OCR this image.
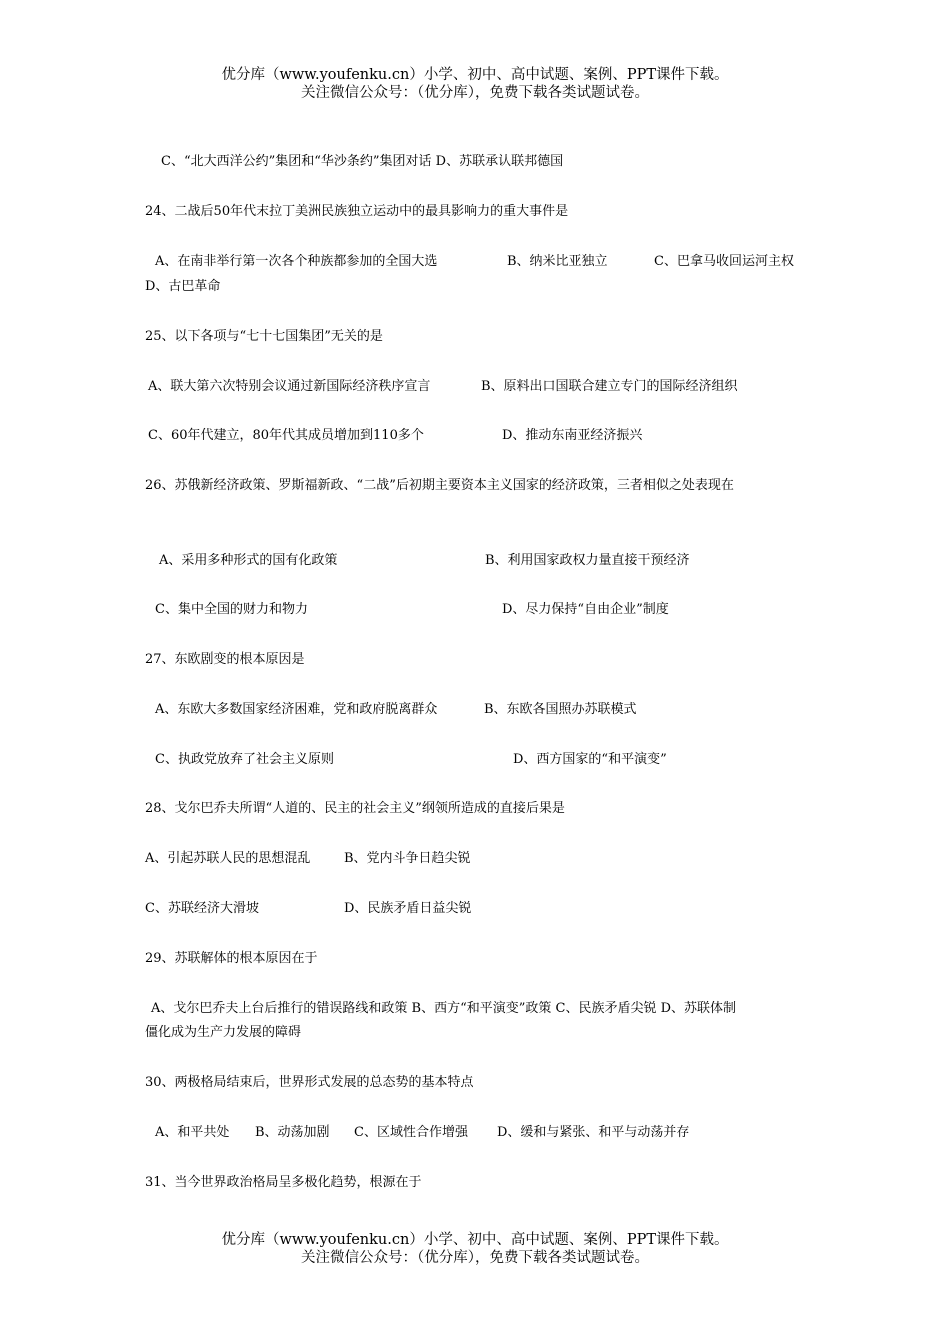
优分库（www.youfenku.cn）小学、初中、高中试题、案例、PPT课件下载。
关注微信公众号：（优分库），免费下载各类试题试卷。
C、“北大西洋公约”集团和“华沙条约”集团对话 D、苏联承认联邦德国
24、二战后50年代末拉丁美洲民族独立运动中的最具影响力的重大事件是
A、在南非举行第一次各个种族都参加的全国大选	B、纳米比亚独立	C、巴拿马收回运河主权
D、古巴革命
25、以下各项与“七十七国集团”无关的是
A、联大第六次特别会议通过新国际经济秩序宣言	B、原料出口国联合建立专门的国际经济组织
C、60年代建立，80年代其成员增加到110多个	D、推动东南亚经济振兴
26、苏俄新经济政策、罗斯福新政、“二战”后初期主要资本主义国家的经济政策，三者相似之处表现在
A、采用多种形式的国有化政策	B、利用国家政权力量直接干预经济
C、集中全国的财力和物力	D、尽力保持“自由企业”制度
27、东欧剧变的根本原因是
A、东欧大多数国家经济困难，党和政府脱离群众	B、东欧各国照办苏联模式
C、执政党放弃了社会主义原则	D、西方国家的“和平演变”
28、戈尔巴乔夫所谓“人道的、民主的社会主义”纲领所造成的直接后果是
A、引起苏联人民的思想混乱	B、党内斗争日趋尖锐
C、苏联经济大滑坡	D、民族矛盾日益尖锐
29、苏联解体的根本原因在于
A、戈尔巴乔夫上台后推行的错误路线和政策 B、西方“和平演变”政策 C、民族矛盾尖锐 D、苏联体制
僵化成为生产力发展的障碍
30、两极格局结束后，世界形式发展的总态势的基本特点
A、和平共处 B、动荡加剧 C、区域性合作增强 D、缓和与紧张、和平与动荡并存
31、当今世界政治格局呈多极化趋势，根源在于
优分库（www.youfenku.cn）小学、初中、高中试题、案例、PPT课件下载。
关注微信公众号：（优分库），免费下载各类试题试卷。
